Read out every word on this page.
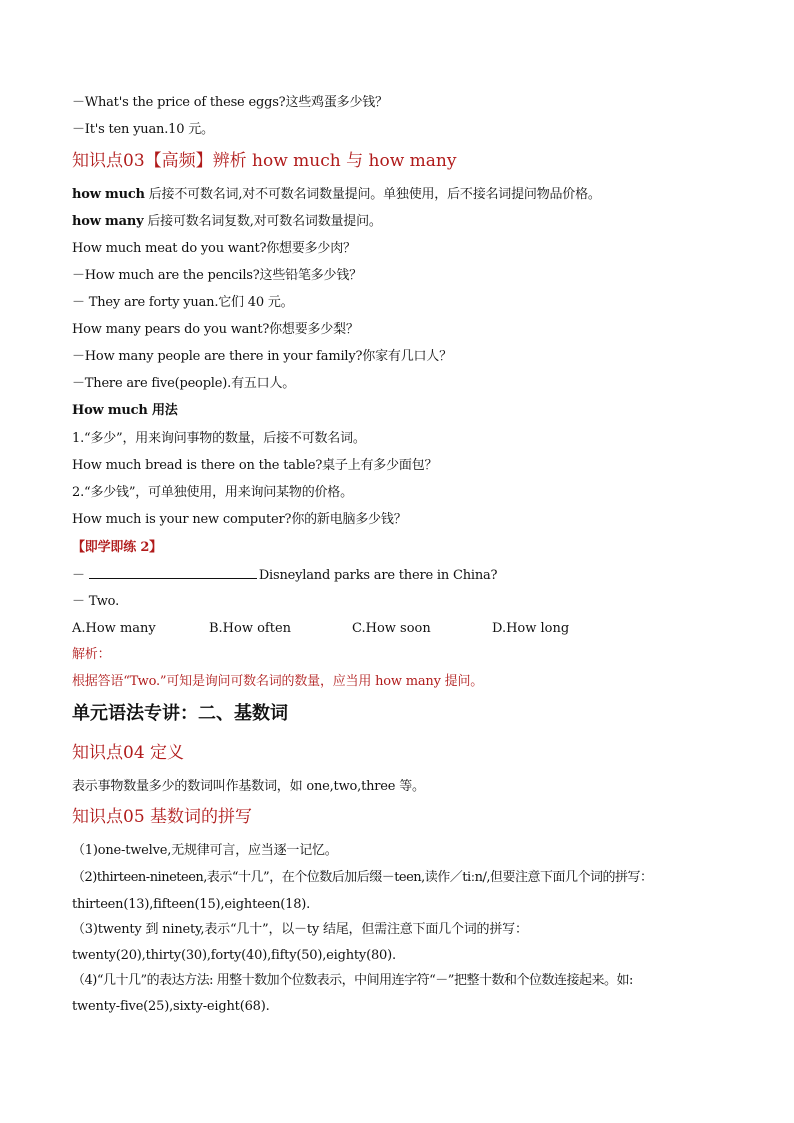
－What's the price of these eggs?这些鸡蛋多少钱？
－It's ten yuan.10 元。
知识点03【高频】辨析 how much 与 how many
how much 后接不可数名词,对不可数名词数量提问。单独使用，后不接名词提问物品价格。
how many 后接可数名词复数,对可数名词数量提问。
How much meat do you want?你想要多少肉？
－How much are the pencils?这些铅笔多少钱？
－ They are forty yuan.它们 40 元。
How many pears do you want?你想要多少梨？
－How many people are there in your family?你家有几口人？
－There are five(people).有五口人。
How much 用法
1.“多少”，用来询问事物的数量，后接不可数名词。
How much bread is there on the table?桌子上有多少面包？
2.“多少钱”，可单独使用，用来询问某物的价格。
How much is your new computer?你的新电脑多少钱？
【即学即练 2】
－	Disneyland parks are there in China?
－ Two.
A.How many	B.How often	C.How soon	D.How long
解析：
根据答语“Two.”可知是询问可数名词的数量，应当用 how many 提问。
单元语法专讲：二、基数词
知识点04 定义
表示事物数量多少的数词叫作基数词，如 one,two,three 等。
知识点05 基数词的拼写
（1)one-twelve,无规律可言，应当逐一记忆。
（2)thirteen-nineteen,表示“十几”，在个位数后加后缀－teen,读作／tiːn/,但要注意下面几个词的拼写：
thirteen(13),fifteen(15),eighteen(18).
（3)twenty 到 ninety,表示“几十”，以－ty 结尾，但需注意下面几个词的拼写：
twenty(20),thirty(30),forty(40),fifty(50),eighty(80).
（4)“几十几”的表达方法: 用整十数加个位数表示，中间用连字符“－”把整十数和个位数连接起来。如:
twenty-five(25),sixty-eight(68).
